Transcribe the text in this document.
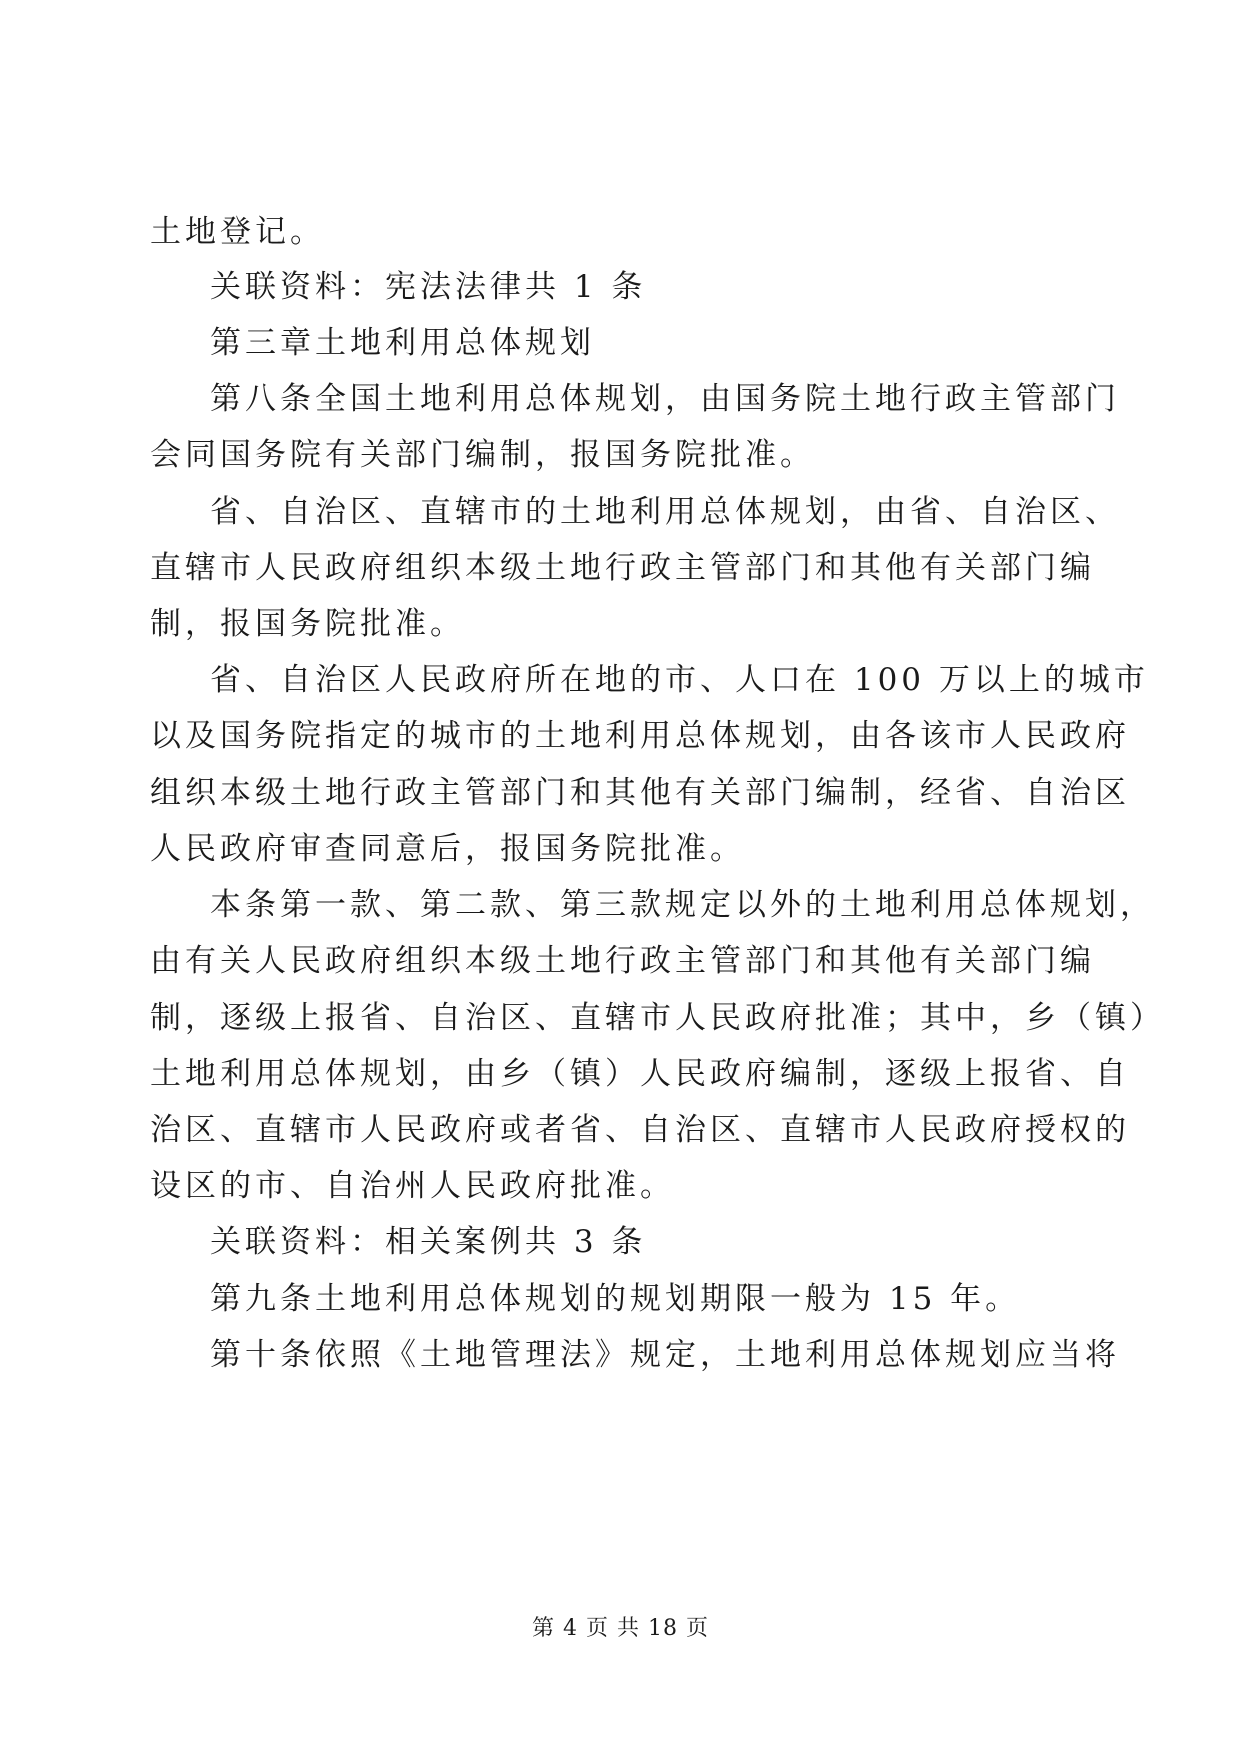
土地登记。
关联资料：宪法法律共 1 条
第三章土地利用总体规划
第八条全国土地利用总体规划，由国务院土地行政主管部门
会同国务院有关部门编制，报国务院批准。
省、自治区、直辖市的土地利用总体规划，由省、自治区、
直辖市人民政府组织本级土地行政主管部门和其他有关部门编
制，报国务院批准。
省、自治区人民政府所在地的市、人口在 100 万以上的城市
以及国务院指定的城市的土地利用总体规划，由各该市人民政府
组织本级土地行政主管部门和其他有关部门编制，经省、自治区
人民政府审查同意后，报国务院批准。
本条第一款、第二款、第三款规定以外的土地利用总体规划，
由有关人民政府组织本级土地行政主管部门和其他有关部门编
制，逐级上报省、自治区、直辖市人民政府批准；其中，乡（镇）
土地利用总体规划，由乡（镇）人民政府编制，逐级上报省、自
治区、直辖市人民政府或者省、自治区、直辖市人民政府授权的
设区的市、自治州人民政府批准。
关联资料：相关案例共 3 条
第九条土地利用总体规划的规划期限一般为 15 年。
第十条依照《土地管理法》规定，土地利用总体规划应当将
第 4 页 共 18 页
